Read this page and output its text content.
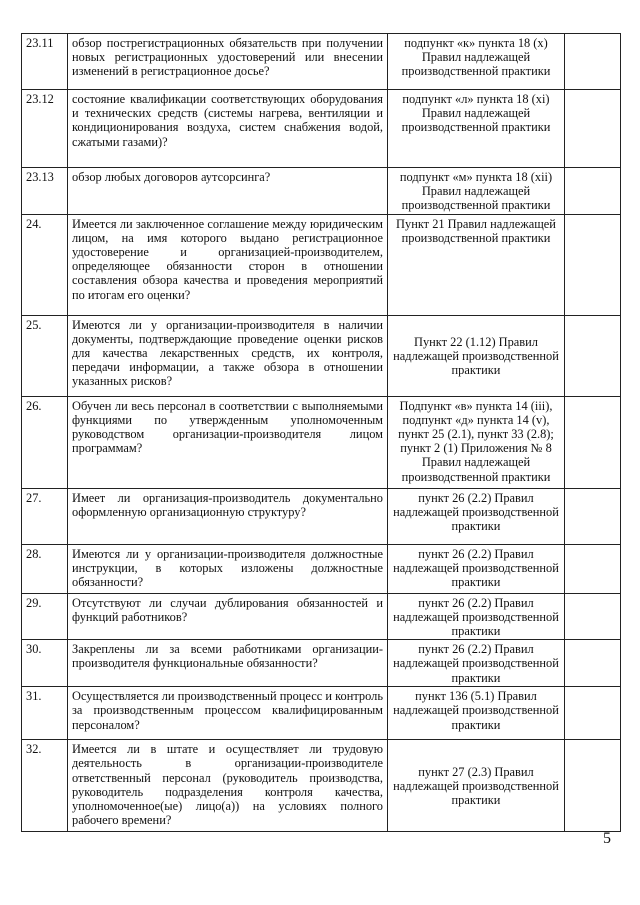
23.11	обзор пострегистрационных обязательств при получении новых регистрационных удостоверений или внесении изменений в регистрационное досье?	подпункт «к» пункта 18 (x) Правил надлежащей производственной практики	
23.12	состояние квалификации соответствующих оборудования и технических средств (системы нагрева, вентиляции и кондиционирования воздуха, систем снабжения водой, сжатыми газами)?	подпункт «л» пункта 18 (xi) Правил надлежащей производственной практики	
23.13	обзор любых договоров аутсорсинга?	подпункт «м» пункта 18 (xii) Правил надлежащей производственной практики	
24.	Имеется ли заключенное соглашение между юридическим лицом, на имя которого выдано регистрационное удостоверение и организацией-производителем, определяющее обязанности сторон в отношении составления обзора качества и проведения мероприятий по итогам его оценки?	Пункт 21 Правил надлежащей производственной практики	
25.	Имеются ли у организации-производителя в наличии документы, подтверждающие проведение оценки рисков для качества лекарственных средств, их контроля, передачи информации, а также обзора в отношении указанных рисков?	Пункт 22 (1.12) Правил надлежащей производственной практики	
26.	Обучен ли весь персонал в соответствии с выполняемыми функциями по утвержденным уполномоченным руководством организации-производителя лицом программам?	Подпункт «в» пункта 14 (iii), подпункт «д» пункта 14 (v), пункт 25 (2.1), пункт 33 (2.8); пункт 2 (1) Приложения № 8 Правил надлежащей производственной практики	
27.	Имеет ли организация-производитель документально оформленную организационную структуру?	пункт 26 (2.2) Правил надлежащей производственной практики	
28.	Имеются ли у организации-производителя должностные инструкции, в которых изложены должностные обязанности?	пункт 26 (2.2) Правил надлежащей производственной практики	
29.	Отсутствуют ли случаи дублирования обязанностей и функций работников?	пункт 26 (2.2) Правил надлежащей производственной практики	
30.	Закреплены ли за всеми работниками организации-производителя функциональные обязанности?	пункт 26 (2.2) Правил надлежащей производственной практики	
31.	Осуществляется ли производственный процесс и контроль за производственным процессом квалифицированным персоналом?	пункт 136 (5.1) Правил надлежащей производственной практики	
32.	Имеется ли в штате и осуществляет ли трудовую деятельность в организации-производителе ответственный персонал (руководитель производства, руководитель подразделения контроля качества, уполномоченное(ые) лицо(а)) на условиях полного рабочего времени?	пункт 27 (2.3) Правил надлежащей производственной практики	
5
